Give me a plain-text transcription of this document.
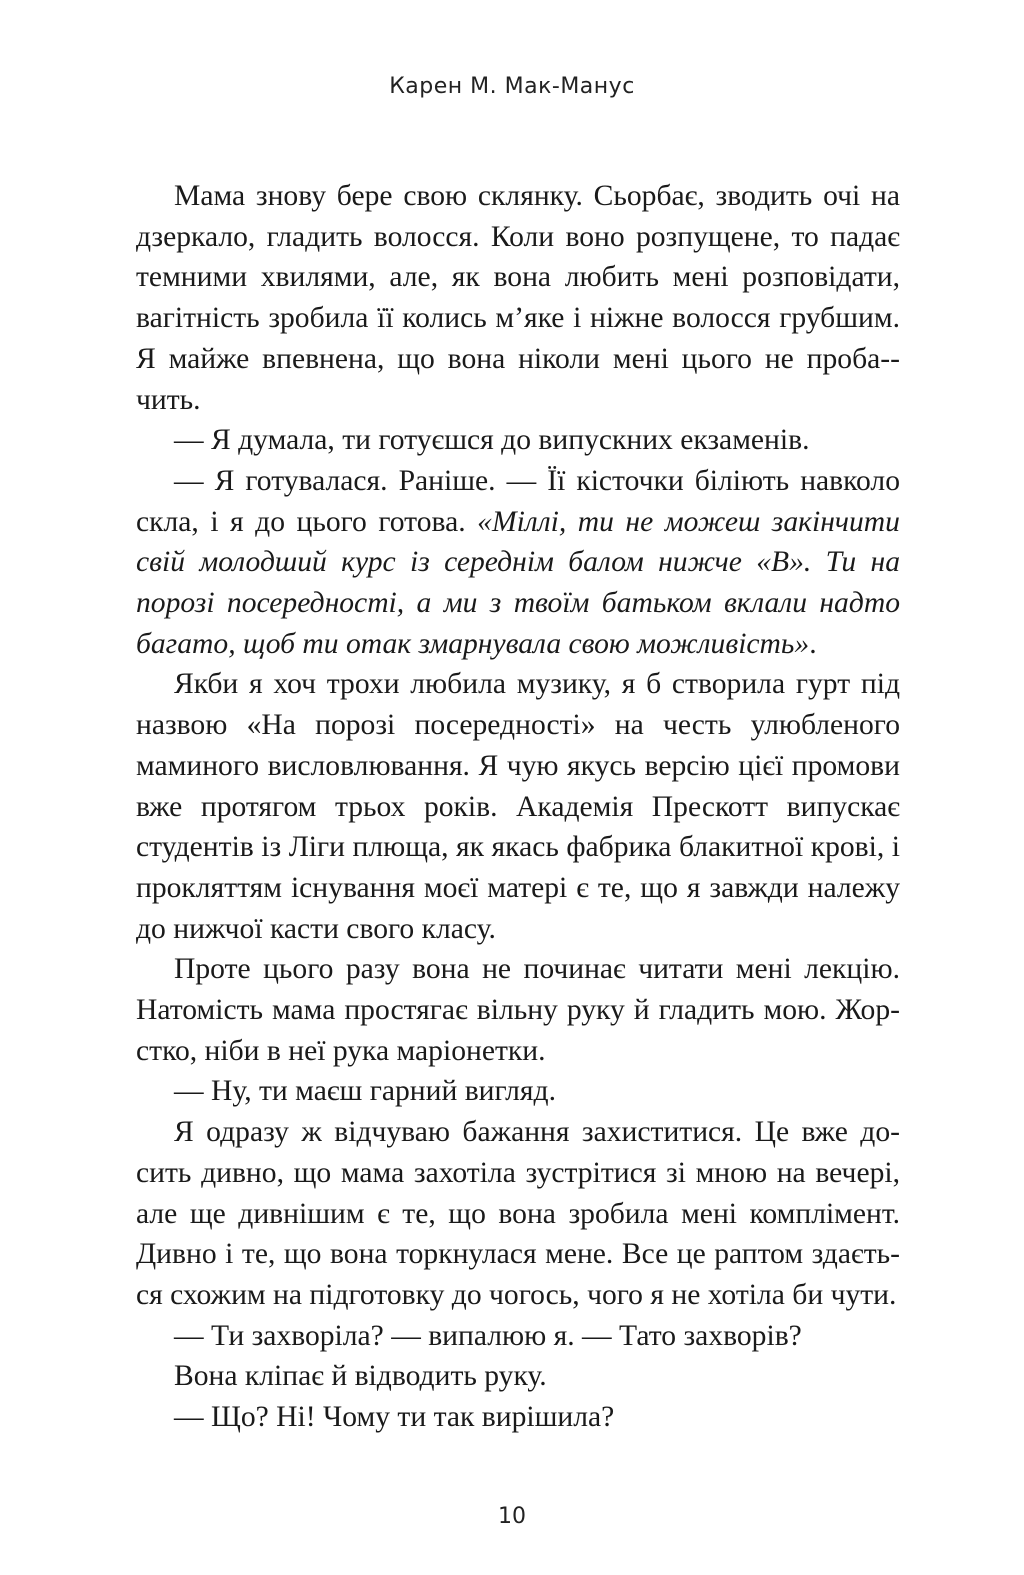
Карен М. Мак-Манус

Мама знову бере свою склянку. Сьорбає, зводить очі на дзеркало, гладить волосся. Коли воно розпущене, то падає темними хвилями, але, як вона любить мені розповідати, вагітність зробила її колись м’яке і ніжне волосся грубшим. Я майже впевнена, що вона ніколи мені цього не проба-чить.

— Я думала, ти готуєшся до випускних екзаменів.

— Я готувалася. Раніше. — Її кісточки біліють навколо скла, і я до цього готова. «Міллі, ти не можеш закінчити свій молодший курс із середнім балом нижче «B». Ти на порозі посередності, а ми з твоїм батьком вклали надто багато, щоб ти отак змарнувала свою можливість».

Якби я хоч трохи любила музику, я б створила гурт під назвою «На порозі посередності» на честь улюбленого маминого висловлювання. Я чую якусь версію цієї промови вже протягом трьох років. Академія Прескотт випускає студентів із Ліги плюща, як якась фабрика блакитної крові, і прокляттям існування моєї матері є те, що я завжди належу до нижчої касти свого класу.

Проте цього разу вона не починає читати мені лекцію. Натомість мама простягає вільну руку й гладить мою. Жорстко, ніби в неї рука маріонетки.

— Ну, ти маєш гарний вигляд.

Я одразу ж відчуваю бажання захиститися. Це вже досить дивно, що мама захотіла зустрітися зі мною на вечері, але ще дивнішим є те, що вона зробила мені комплімент. Дивно і те, що вона торкнулася мене. Все це раптом здається схожим на підготовку до чогось, чого я не хотіла би чути.

— Ти захворіла? — випалюю я. — Тато захворів?

Вона кліпає й відводить руку.

— Що? Ні! Чому ти так вирішила?

10
